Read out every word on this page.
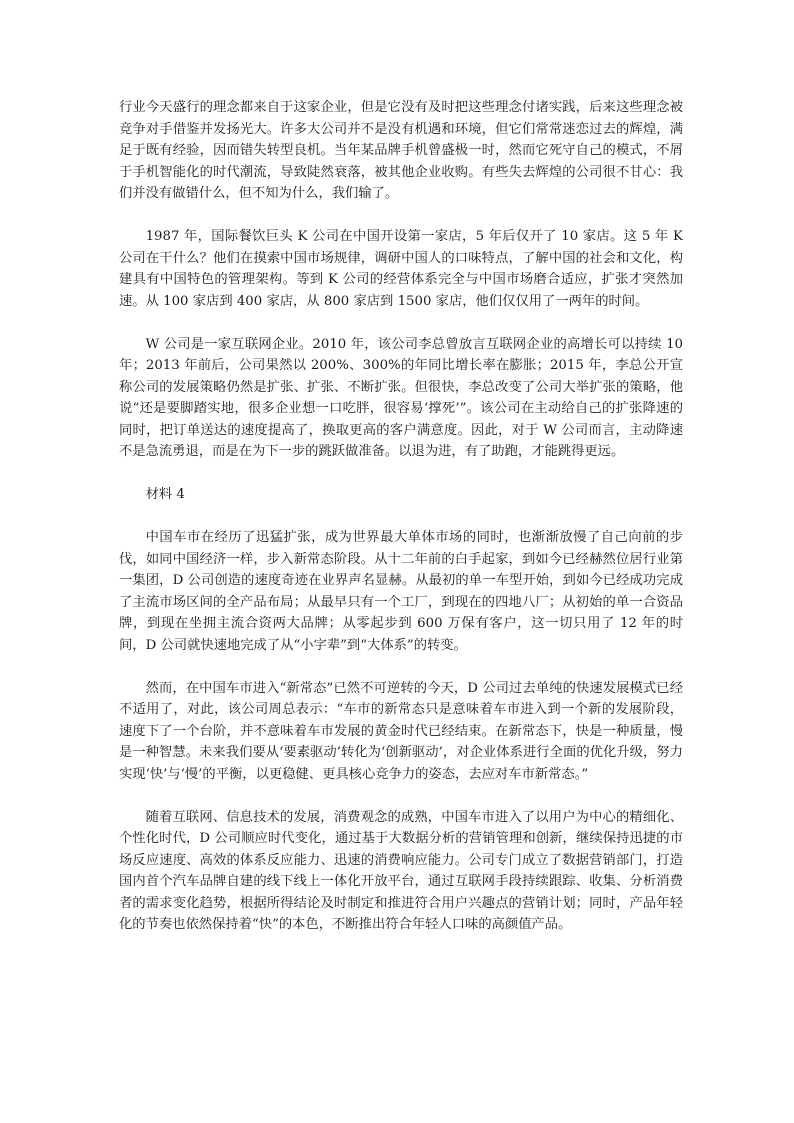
行业今天盛行的理念都来自于这家企业，但是它没有及时把这些理念付诸实践，后来这些理念被竞争对手借鉴并发扬光大。许多大公司并不是没有机遇和环境，但它们常常迷恋过去的辉煌，满足于既有经验，因而错失转型良机。当年某品牌手机曾盛极一时，然而它死守自己的模式，不屑于手机智能化的时代潮流，导致陡然衰落，被其他企业收购。有些失去辉煌的公司很不甘心：我们并没有做错什么，但不知为什么，我们输了。

1987 年，国际餐饮巨头 K 公司在中国开设第一家店，5 年后仅开了 10 家店。这 5 年 K 公司在干什么？他们在摸索中国市场规律，调研中国人的口味特点，了解中国的社会和文化，构建具有中国特色的管理架构。等到 K 公司的经营体系完全与中国市场磨合适应，扩张才突然加速。从 100 家店到 400 家店，从 800 家店到 1500 家店，他们仅仅用了一两年的时间。

W 公司是一家互联网企业。2010 年，该公司李总曾放言互联网企业的高增长可以持续 10 年；2013 年前后，公司果然以 200%、300%的年同比增长率在膨胀；2015 年，李总公开宣称公司的发展策略仍然是扩张、扩张、不断扩张。但很快，李总改变了公司大举扩张的策略，他说“还是要脚踏实地，很多企业想一口吃胖，很容易‘撑死’”。该公司在主动给自己的扩张降速的同时，把订单送达的速度提高了，换取更高的客户满意度。因此，对于 W 公司而言，主动降速不是急流勇退，而是在为下一步的跳跃做准备。以退为进，有了助跑，才能跳得更远。

材料 4

中国车市在经历了迅猛扩张，成为世界最大单体市场的同时，也渐渐放慢了自己向前的步伐，如同中国经济一样，步入新常态阶段。从十二年前的白手起家，到如今已经赫然位居行业第一集团，D 公司创造的速度奇迹在业界声名显赫。从最初的单一车型开始，到如今已经成功完成了主流市场区间的全产品布局；从最早只有一个工厂，到现在的四地八厂；从初始的单一合资品牌，到现在坐拥主流合资两大品牌；从零起步到 600 万保有客户，这一切只用了 12 年的时间，D 公司就快速地完成了从“小字辈”到“大体系”的转变。

然而，在中国车市进入“新常态”已然不可逆转的今天，D 公司过去单纯的快速发展模式已经不适用了，对此，该公司周总表示：“车市的新常态只是意味着车市进入到一个新的发展阶段，速度下了一个台阶，并不意味着车市发展的黄金时代已经结束。在新常态下，快是一种质量，慢是一种智慧。未来我们要从‘要素驱动’转化为‘创新驱动’，对企业体系进行全面的优化升级，努力实现‘快’与‘慢’的平衡，以更稳健、更具核心竞争力的姿态，去应对车市新常态。”

随着互联网、信息技术的发展，消费观念的成熟，中国车市进入了以用户为中心的精细化、个性化时代，D 公司顺应时代变化，通过基于大数据分析的营销管理和创新，继续保持迅捷的市场反应速度、高效的体系反应能力、迅速的消费响应能力。公司专门成立了数据营销部门，打造国内首个汽车品牌自建的线下线上一体化开放平台，通过互联网手段持续跟踪、收集、分析消费者的需求变化趋势，根据所得结论及时制定和推进符合用户兴趣点的营销计划；同时，产品年轻化的节奏也依然保持着“快”的本色，不断推出符合年轻人口味的高颜值产品。
